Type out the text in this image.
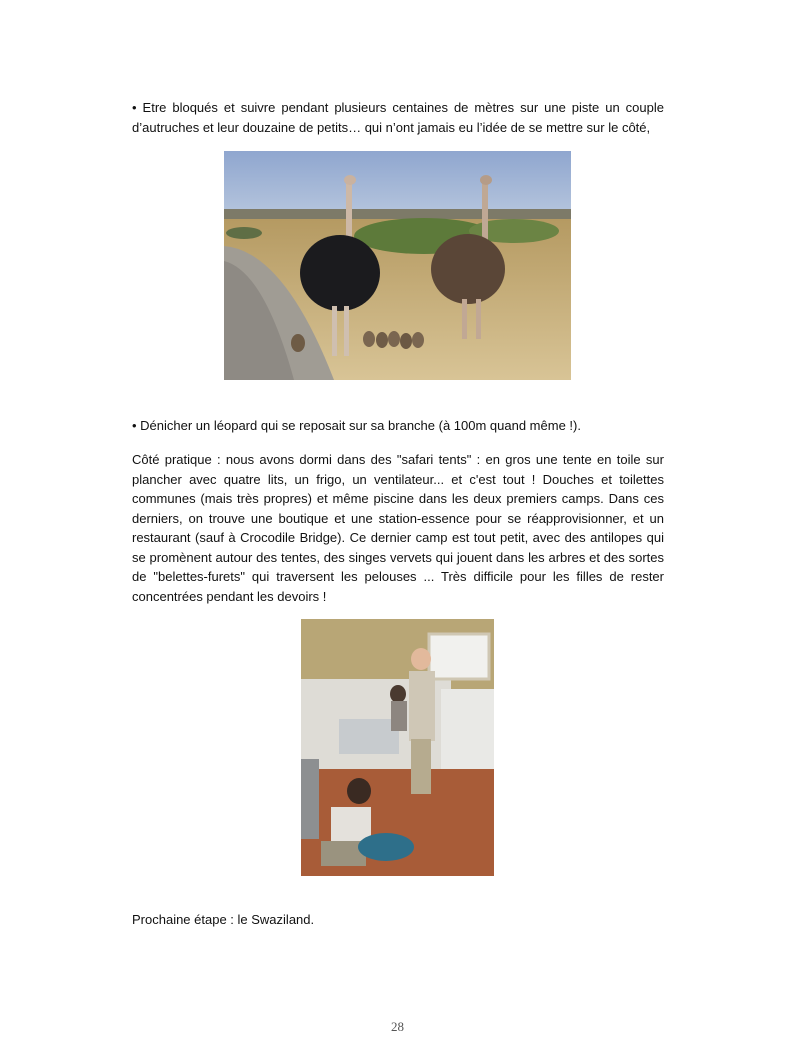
• Etre bloqués et suivre pendant plusieurs centaines de mètres sur une piste un couple d’autruches et leur douzaine de petits… qui n’ont jamais eu l’idée de se mettre sur le côté,

• Dénicher un léopard qui se reposait sur sa branche (à 100m quand même !).

Côté pratique : nous avons dormi dans des "safari tents" : en gros une tente en toile sur plancher avec quatre lits, un frigo, un ventilateur... et c'est tout ! Douches et toilettes communes (mais très propres) et même piscine dans les deux premiers camps. Dans ces derniers, on trouve une boutique et une station-essence pour se réapprovisionner, et un restaurant (sauf à Crocodile Bridge). Ce dernier camp est tout petit, avec des antilopes qui se promènent autour des tentes, des singes vervets qui jouent dans les arbres et des sortes de "belettes-furets" qui traversent les pelouses ... Très difficile pour les filles de rester concentrées pendant les devoirs !

Prochaine étape : le Swaziland.

28
